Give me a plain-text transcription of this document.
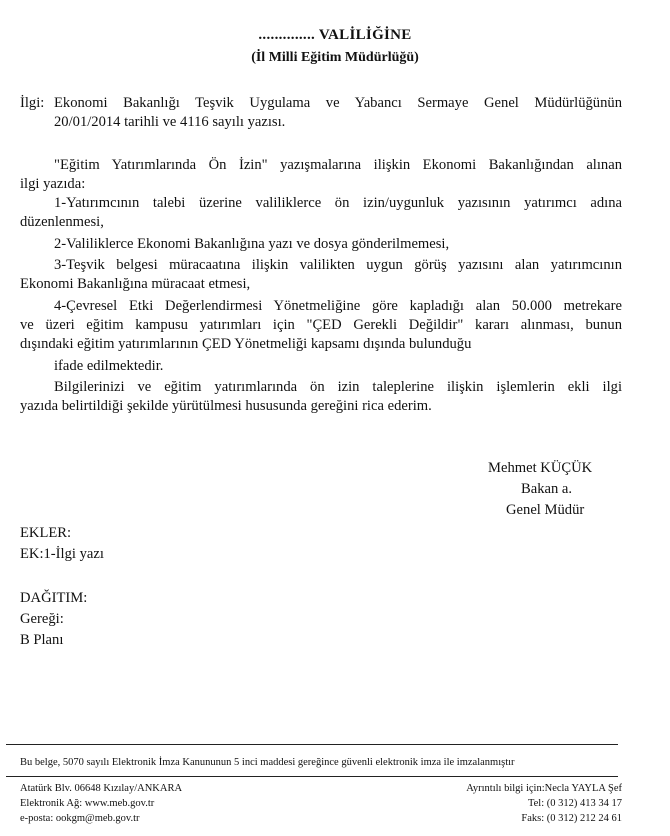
.............. VALİLİĞİNE
(İl Milli Eğitim Müdürlüğü)
İlgi: Ekonomi Bakanlığı Teşvik Uygulama ve Yabancı Sermaye Genel Müdürlüğünün
20/01/2014 tarihli ve 4116 sayılı yazısı.
"Eğitim Yatırımlarında Ön İzin" yazışmalarına ilişkin Ekonomi Bakanlığından alınan
ilgi yazıda:
1-Yatırımcının talebi üzerine valiliklerce ön izin/uygunluk yazısının yatırımcı adına
düzenlenmesi,
2-Valiliklerce Ekonomi Bakanlığına yazı ve dosya gönderilmemesi,
3-Teşvik belgesi müracaatına ilişkin valilikten uygun görüş yazısını alan yatırımcının
Ekonomi Bakanlığına müracaat etmesi,
4-Çevresel Etki Değerlendirmesi Yönetmeliğine göre kapladığı alan 50.000 metrekare
ve üzeri eğitim kampusu yatırımları için "ÇED Gerekli Değildir" kararı alınması, bunun
dışındaki eğitim yatırımlarının ÇED Yönetmeliği kapsamı dışında bulunduğu
ifade edilmektedir.
Bilgilerinizi ve eğitim yatırımlarında ön izin taleplerine ilişkin işlemlerin ekli ilgi
yazıda belirtildiği şekilde yürütülmesi hususunda gereğini rica ederim.
Mehmet KÜÇÜK
Bakan a.
Genel Müdür
EKLER:
EK:1-İlgi yazı
DAĞITIM:
Gereği:
B Planı
Bu belge, 5070 sayılı Elektronik İmza Kanununun 5 inci maddesi gereğince güvenli elektronik imza ile imzalanmıştır
Atatürk Blv. 06648 Kızılay/ANKARA
Elektronik Ağ: www.meb.gov.tr
e-posta: ookgm@meb.gov.tr
Ayrıntılı bilgi için:Necla YAYLA Şef
Tel: (0 312) 413 34 17
Faks: (0 312) 212 24 61
